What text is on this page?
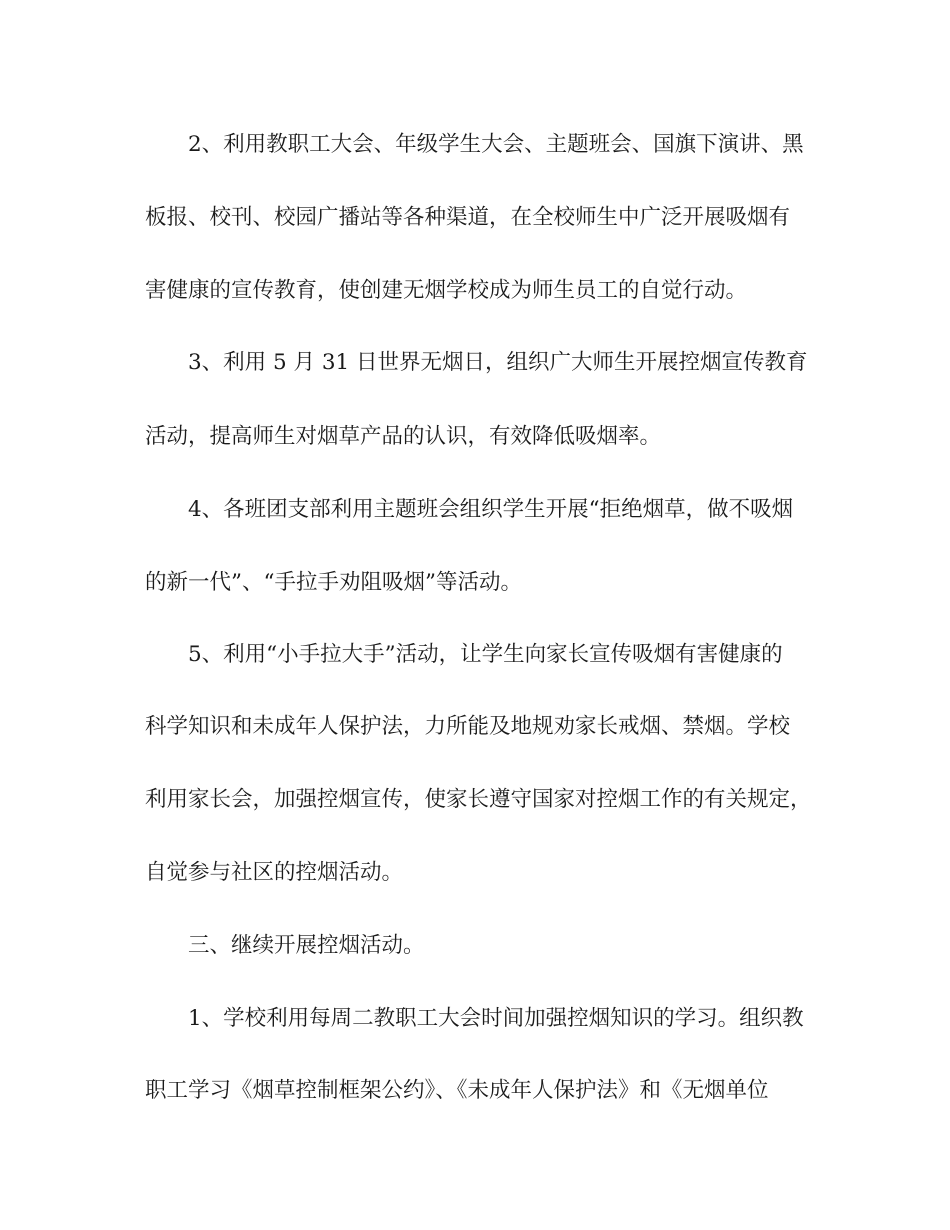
2、利用教职工大会、年级学生大会、主题班会、国旗下演讲、黑
板报、校刊、校园广播站等各种渠道，在全校师生中广泛开展吸烟有
害健康的宣传教育，使创建无烟学校成为师生员工的自觉行动。
3、利用 5 月 31 日世界无烟日，组织广大师生开展控烟宣传教育
活动，提高师生对烟草产品的认识，有效降低吸烟率。
4、各班团支部利用主题班会组织学生开展“拒绝烟草，做不吸烟
的新一代”、“手拉手劝阻吸烟”等活动。
5、利用“小手拉大手”活动，让学生向家长宣传吸烟有害健康的
科学知识和未成年人保护法，力所能及地规劝家长戒烟、禁烟。学校
利用家长会，加强控烟宣传，使家长遵守国家对控烟工作的有关规定，
自觉参与社区的控烟活动。
三、继续开展控烟活动。
1、学校利用每周二教职工大会时间加强控烟知识的学习。组织教
职工学习《烟草控制框架公约》、《未成年人保护法》和《无烟单位
